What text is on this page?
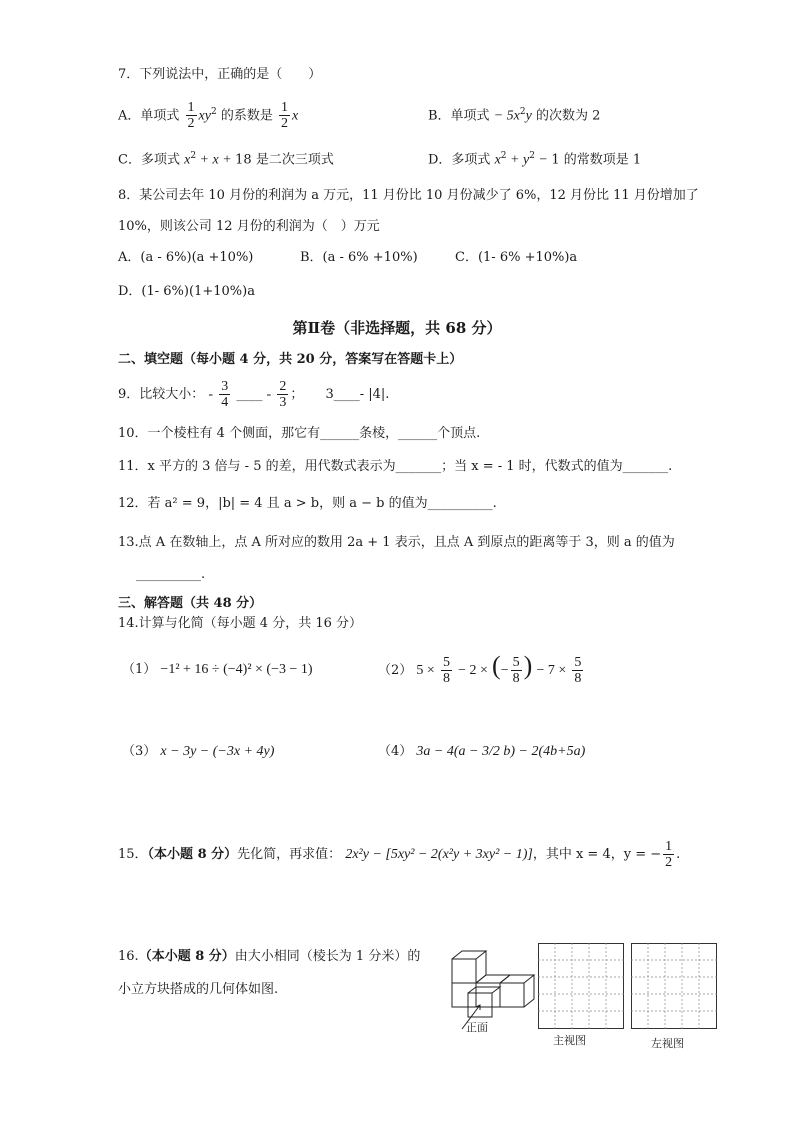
7．下列说法中，正确的是（　　）
A．单项式 $\frac{1}{2} xy^2$ 的系数是 $\frac{1}{2}$ x	B．单项式 − $5x^2y$ 的次数为 2
C．多项式 $x^2 + x + 18$ 是二次三项式	D．多项式 $x^2 + y^2 - 1$ 的常数项是 1
8．某公司去年 10 月份的利润为 a 万元，11 月份比 10 月份减少了 6%，12 月份比 11 月份增加了
10%，则该公司 12 月份的利润为（　）万元
A．(a - 6%)(a +10%)	B．(a - 6% +10%)	C．(1- 6% +10%)a
D．(1- 6%)(1+10%)a
第Ⅱ卷（非选择题，共 68 分）
二、填空题（每小题 4 分，共 20 分，答案写在答题卡上）
9．比较大小： - $\frac{3}{4}$ ____ - $\frac{2}{3}$ ； 3____- |4|.
10．一个棱柱有 4 个侧面，那它有______条棱，______个顶点.
11．x 平方的 3 倍与 - 5 的差，用代数式表示为_______；当 x = - 1 时，代数式的值为_______.
12．若 a² = 9，|b| = 4 且 a > b，则 a − b 的值为__________.
13.点 A 在数轴上，点 A 所对应的数用 2a + 1 表示，且点 A 到原点的距离等于 3，则 a 的值为
__________.
三、解答题（共 48 分）
14.计算与化简（每小题 4 分，共 16 分）
（1） −1² + 16 ÷ (−4)² × (−3 − 1)	（2） $5 \times \frac{5}{8} - 2$ × (− $\frac{5}{8}$ ) − $7 \times \frac{5}{8}$
（3） x − 3y − (−3x + 4y)	（4） 3a − 4(a − 3/2 b) − 2(4b+5a)
15．（本小题 8 分）先化简，再求值： 2x²y − [5xy² − 2(x²y + 3xy² − 1)]，其中 x = 4，y = − $\frac{1}{2}$ .
16.（本小题 8 分）由大小相同（棱长为 1 分米）的
小立方块搭成的几何体如图.
正面
主视图	左视图
